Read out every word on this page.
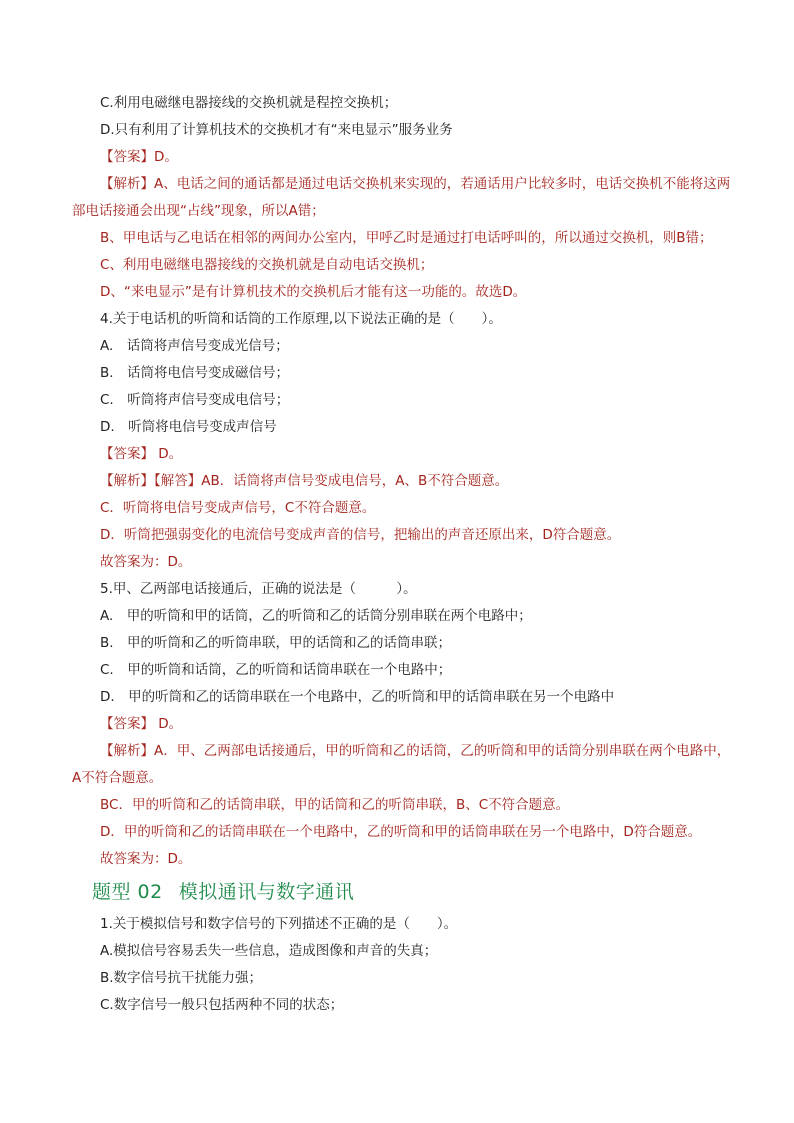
C.利用电磁继电器接线的交换机就是程控交换机；
D.只有利用了计算机技术的交换机才有“来电显示”服务业务
【答案】D。
【解析】A、电话之间的通话都是通过电话交换机来实现的，若通话用户比较多时，电话交换机不能将这两部电话接通会出现“占线”现象，所以A错；
B、甲电话与乙电话在相邻的两间办公室内，甲呼乙时是通过打电话呼叫的，所以通过交换机，则B错；
C、利用电磁继电器接线的交换机就是自动电话交换机；
D、“来电显示”是有计算机技术的交换机后才能有这一功能的。故选D。
4.关于电话机的听筒和话筒的工作原理,以下说法正确的是（　　）。
A.　话筒将声信号变成光信号；
B.　话筒将电信号变成磁信号；
C.　听筒将声信号变成电信号；
D.　听筒将电信号变成声信号
【答案】 D。
【解析】【解答】AB．话筒将声信号变成电信号，A、B不符合题意。
C．听筒将电信号变成声信号，C不符合题意。
D．听筒把强弱变化的电流信号变成声音的信号，把输出的声音还原出来，D符合题意。
故答案为：D。
5.甲、乙两部电话接通后，正确的说法是（　　　）。
A.　甲的听筒和甲的话筒，乙的听筒和乙的话筒分别串联在两个电路中；
B.　甲的听筒和乙的听筒串联，甲的话筒和乙的话筒串联；
C.　甲的听筒和话筒，乙的听筒和话筒串联在一个电路中；
D.　甲的听筒和乙的话筒串联在一个电路中，乙的听筒和甲的话筒串联在另一个电路中
【答案】 D。
【解析】A．甲、乙两部电话接通后，甲的听筒和乙的话筒，乙的听筒和甲的话筒分别串联在两个电路中，A不符合题意。
BC．甲的听筒和乙的话筒串联，甲的话筒和乙的听筒串联，B、C不符合题意。
D．甲的听筒和乙的话筒串联在一个电路中，乙的听筒和甲的话筒串联在另一个电路中，D符合题意。
故答案为：D。
题型 02 模拟通讯与数字通讯
1.关于模拟信号和数字信号的下列描述不正确的是（　　）。
A.模拟信号容易丢失一些信息，造成图像和声音的失真；
B.数字信号抗干扰能力强；
C.数字信号一般只包括两种不同的状态；
